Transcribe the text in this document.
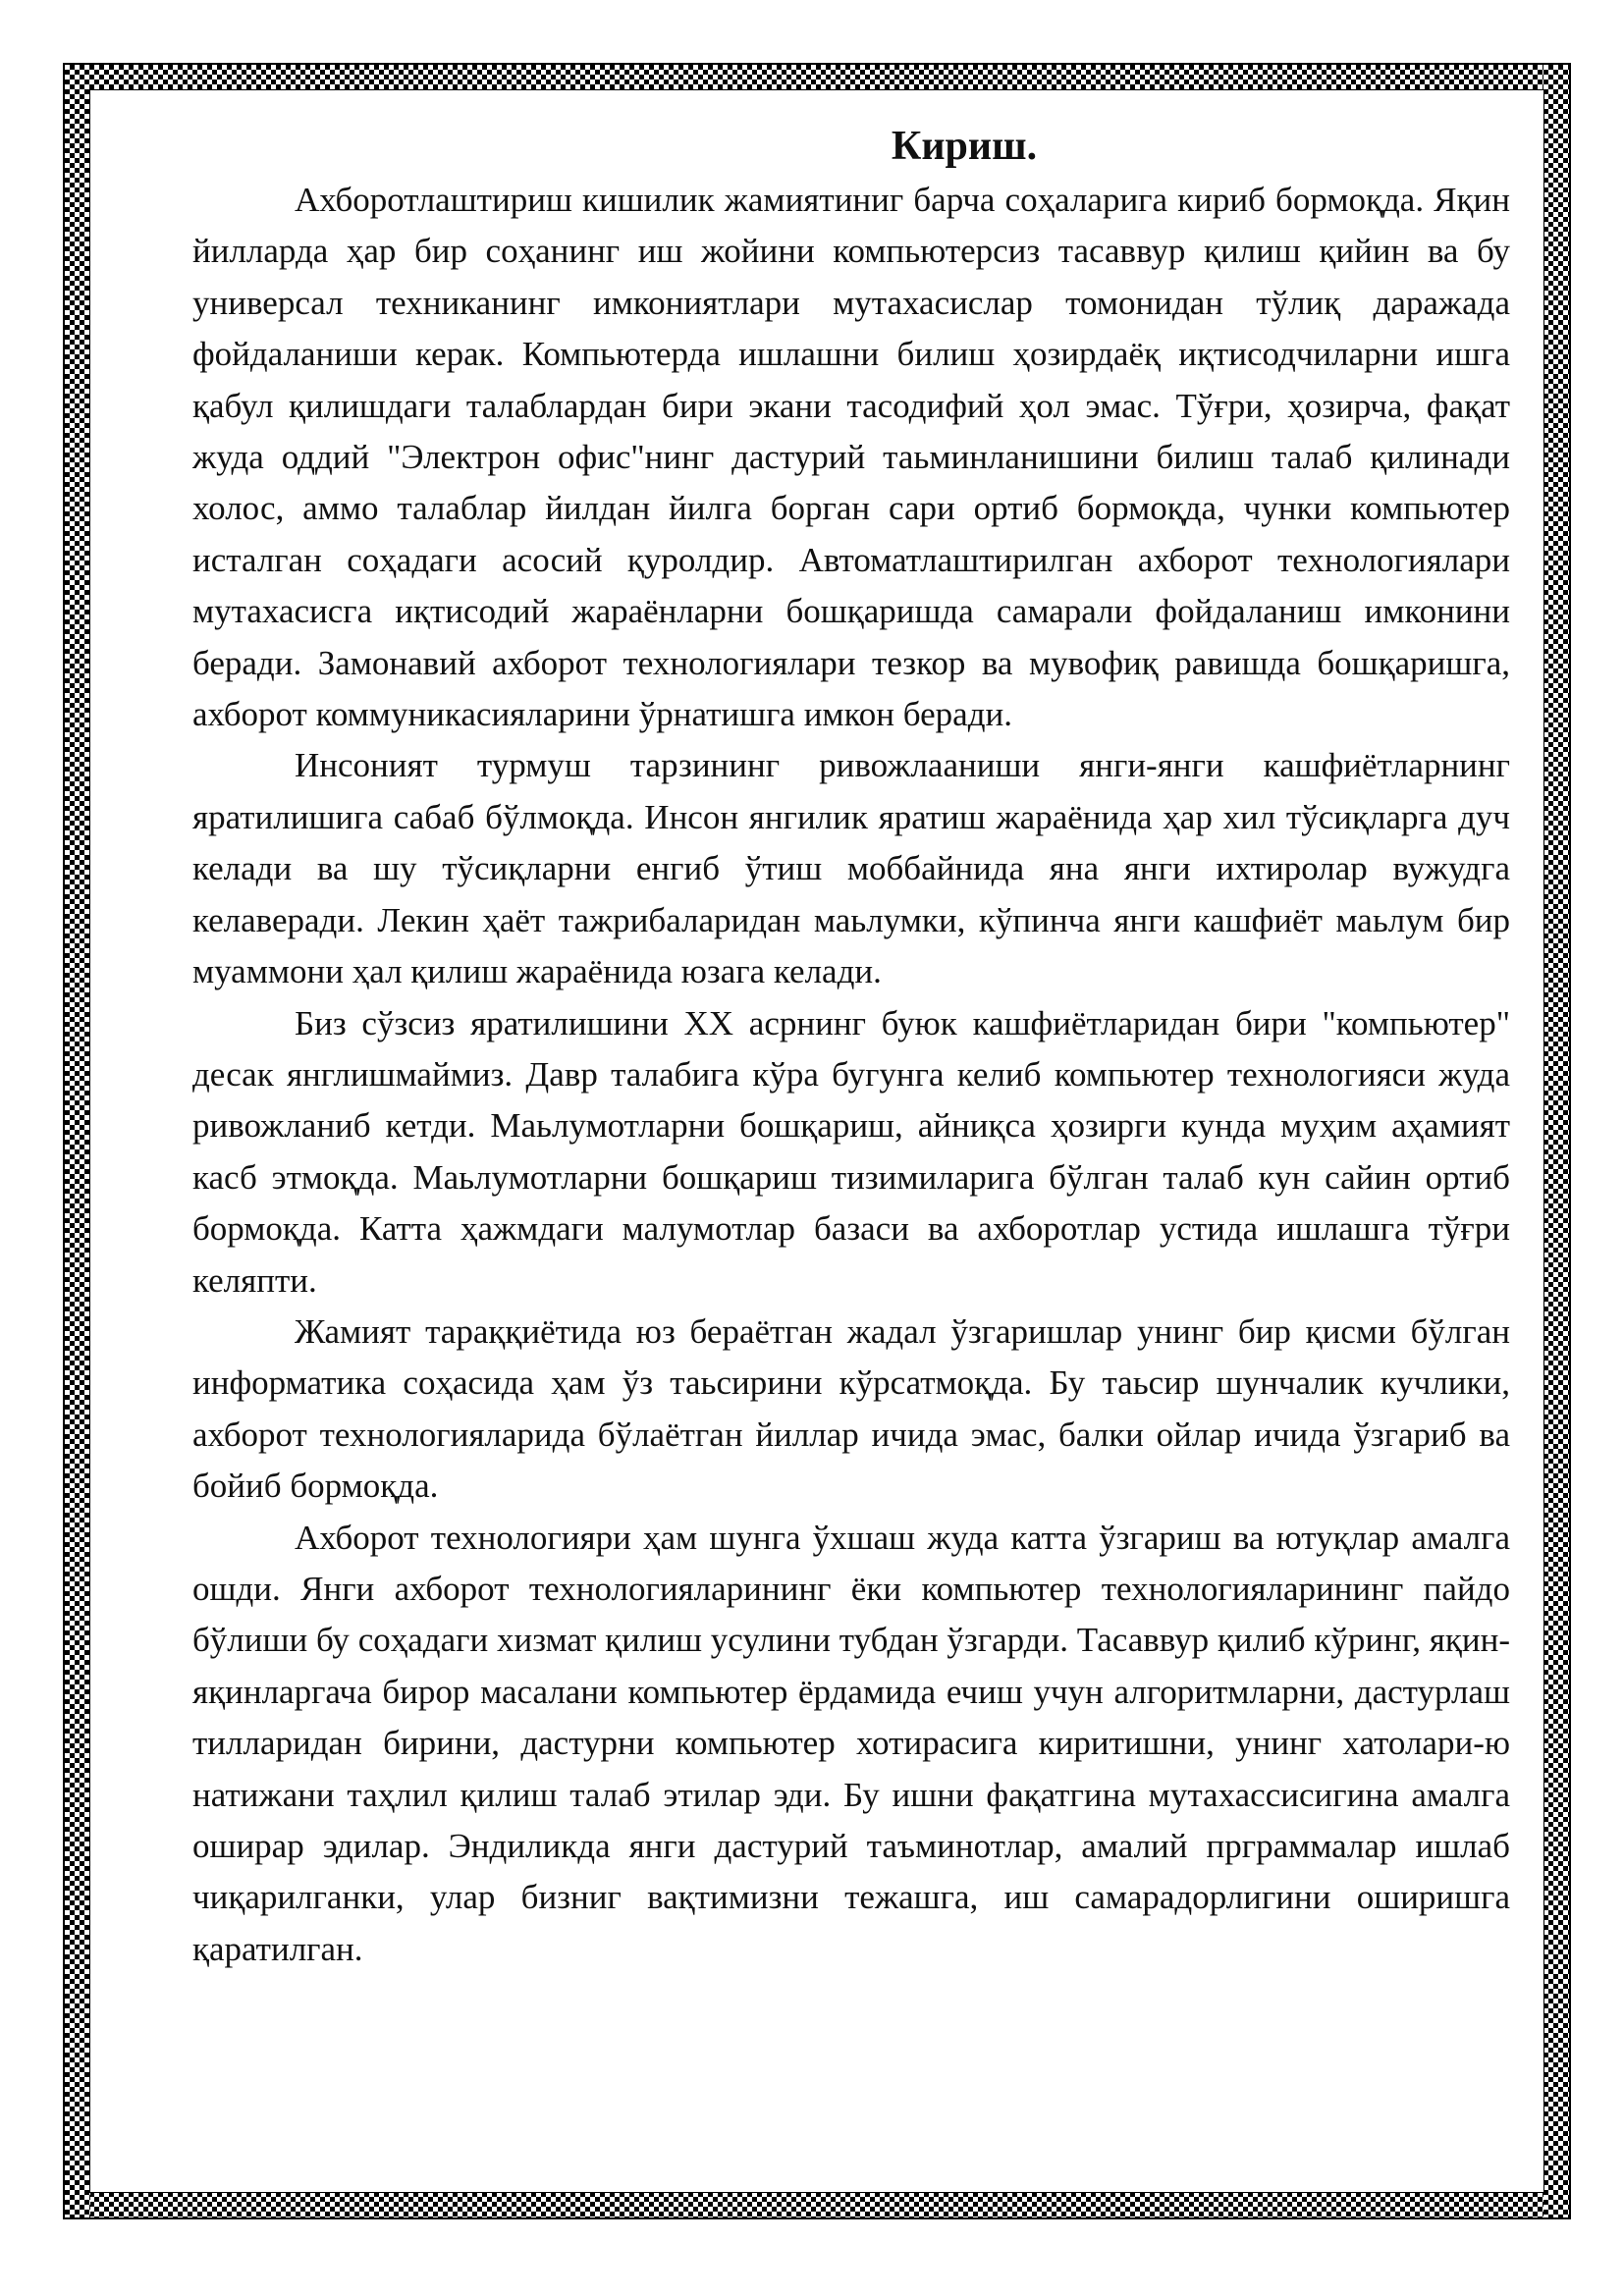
Кириш.

Ахборотлаштириш кишилик жамиятиниг барча соҳаларига кириб бормоқда. Яқин йилларда ҳар бир соҳанинг иш жойини компьютерсиз тасаввур қилиш қийин ва бу универсал техниканинг имкониятлари мутахасислар томонидан тўлиқ даражада фойдаланиши керак. Компьютерда ишлашни билиш ҳозирдаёқ иқтисодчиларни ишга қабул қилишдаги талаблардан бири экани тасодифий ҳол эмас. Тўғри, ҳозирча, фақат жуда оддий "Электрон офис"нинг дастурий таьминланишини билиш талаб қилинади холос, аммо талаблар йилдан йилга борган сари ортиб бормоқда, чунки компьютер исталган соҳадаги асосий қуролдир. Автоматлаштирилган ахборот технологиялари мутахасисга иқтисодий жараёнларни бошқаришда самарали фойдаланиш имконини беради. Замонавий ахборот технологиялари тезкор ва мувофиқ равишда бошқаришга, ахборот коммуникасияларини ўрнатишга имкон беради.

Инсоният турмуш тарзининг ривожлааниши янги-янги кашфиётларнинг яратилишига сабаб бўлмоқда. Инсон янгилик яратиш жараёнида ҳар хил тўсиқларга дуч келади ва шу тўсиқларни енгиб ўтиш моббайнида яна янги ихтиролар вужудга келаверади. Лекин ҳаёт тажрибаларидан маьлумки, кўпинча янги кашфиёт маьлум бир муаммони ҳал қилиш жараёнида юзага келади.

Биз сўзсиз яратилишини XX асрнинг буюк кашфиётларидан бири "компьютер" десак янглишмаймиз. Давр талабига кўра бугунга келиб компьютер технологияси жуда ривожланиб кетди. Маьлумотларни бошқариш, айниқса ҳозирги кунда муҳим аҳамият касб этмоқда. Маьлумотларни бошқариш тизимиларига бўлган талаб кун сайин ортиб бормоқда. Катта ҳажмдаги малумотлар базаси ва ахборотлар устида ишлашга тўғри келяпти.

Жамият тараққиётида юз бераётган жадал ўзгаришлар унинг бир қисми бўлган информатика соҳасида ҳам ўз таьсирини кўрсатмоқда. Бу таьсир шунчалик кучлики, ахборот технологияларида бўлаётган йиллар ичида эмас, балки ойлар ичида ўзгариб ва бойиб бормоқда.

Ахборот технологияри ҳам шунга ўхшаш жуда катта ўзгариш ва ютуқлар амалга ошди. Янги ахборот технологияларининг ёки компьютер технологияларининг пайдо бўлиши бу соҳадаги хизмат қилиш усулини тубдан ўзгарди. Тасаввур қилиб кўринг, яқин-яқинларгача бирор масалани компьютер ёрдамида ечиш учун алгоритмларни, дастурлаш тилларидан бирини, дастурни компьютер хотирасига киритишни, унинг хатолари-ю натижани таҳлил қилиш талаб этилар эди. Бу ишни фақатгина мутахассисигина амалга оширар эдилар. Эндиликда янги дастурий таъминотлар, амалий прграммалар ишлаб чиқарилганки, улар бизниг вақтимизни тежашга, иш самарадорлигини оширишга қаратилган.
